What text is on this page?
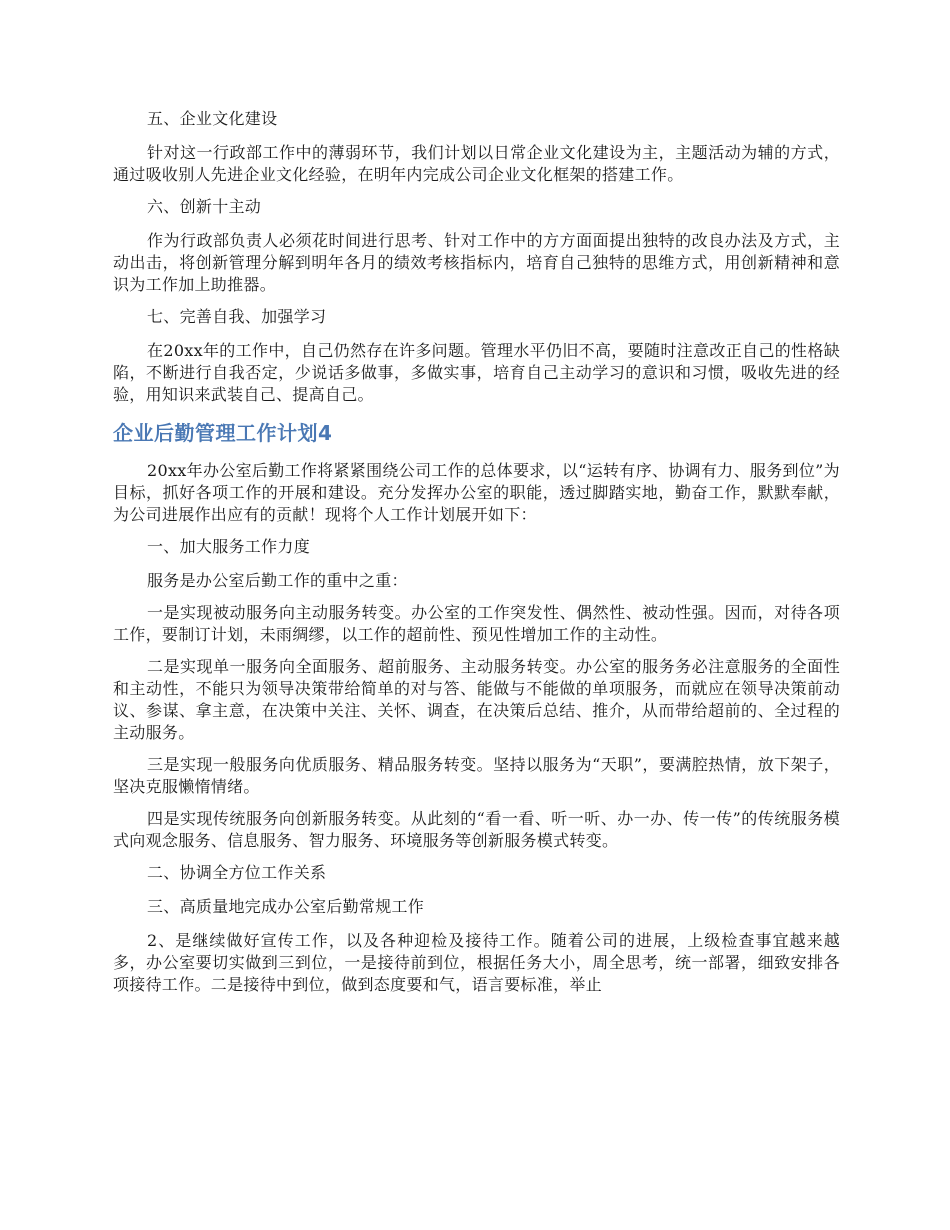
五、企业文化建设

针对这一行政部工作中的薄弱环节，我们计划以日常企业文化建设为主，主题活动为辅的方式，通过吸收别人先进企业文化经验，在明年内完成公司企业文化框架的搭建工作。

六、创新十主动

作为行政部负责人必须花时间进行思考、针对工作中的方方面面提出独特的改良办法及方式，主动出击，将创新管理分解到明年各月的绩效考核指标内，培育自己独特的思维方式，用创新精神和意识为工作加上助推器。

七、完善自我、加强学习

在20xx年的工作中，自己仍然存在许多问题。管理水平仍旧不高，要随时注意改正自己的性格缺陷，不断进行自我否定，少说话多做事，多做实事，培育自己主动学习的意识和习惯，吸收先进的经验，用知识来武装自己、提高自己。

企业后勤管理工作计划4

20xx年办公室后勤工作将紧紧围绕公司工作的总体要求，以“运转有序、协调有力、服务到位”为目标，抓好各项工作的开展和建设。充分发挥办公室的职能，透过脚踏实地，勤奋工作，默默奉献，为公司进展作出应有的贡献！现将个人工作计划展开如下：

一、加大服务工作力度

服务是办公室后勤工作的重中之重：

一是实现被动服务向主动服务转变。办公室的工作突发性、偶然性、被动性强。因而，对待各项工作，要制订计划，未雨绸缪，以工作的超前性、预见性增加工作的主动性。

二是实现单一服务向全面服务、超前服务、主动服务转变。办公室的服务务必注意服务的全面性和主动性，不能只为领导决策带给简单的对与答、能做与不能做的单项服务，而就应在领导决策前动议、参谋、拿主意，在决策中关注、关怀、调查，在决策后总结、推介，从而带给超前的、全过程的主动服务。

三是实现一般服务向优质服务、精品服务转变。坚持以服务为“天职”，要满腔热情，放下架子，坚决克服懒惰情绪。

四是实现传统服务向创新服务转变。从此刻的“看一看、听一听、办一办、传一传”的传统服务模式向观念服务、信息服务、智力服务、环境服务等创新服务模式转变。

二、协调全方位工作关系

三、高质量地完成办公室后勤常规工作

2、是继续做好宣传工作，以及各种迎检及接待工作。随着公司的进展，上级检查事宜越来越多，办公室要切实做到三到位，一是接待前到位，根据任务大小，周全思考，统一部署，细致安排各项接待工作。二是接待中到位，做到态度要和气，语言要标准，举止
